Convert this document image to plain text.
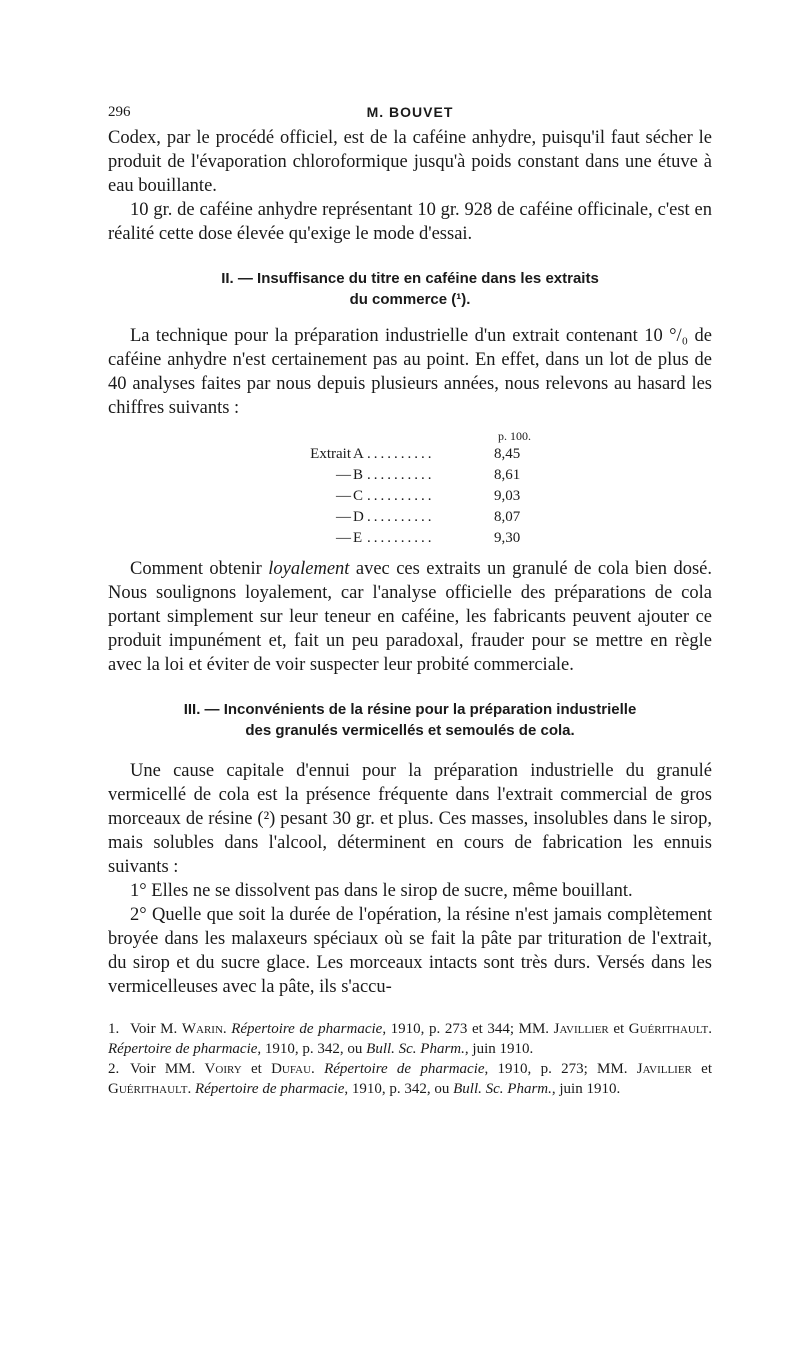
296	M. BOUVET

Codex, par le procédé officiel, est de la caféine anhydre, puisqu'il faut sécher le produit de l'évaporation chloroformique jusqu'à poids constant dans une étuve à eau bouillante.

10 gr. de caféine anhydre représentant 10 gr. 928 de caféine officinale, c'est en réalité cette dose élevée qu'exige le mode d'essai.

II. — Insuffisance du titre en caféine dans les extraits

du commerce (¹).

La technique pour la préparation industrielle d'un extrait contenant 10 °/₀ de caféine anhydre n'est certainement pas au point. En effet, dans un lot de plus de 40 analyses faites par nous depuis plusieurs années, nous relevons au hasard les chiffres suivants :

p. 100.
Extrait A ..........	8,45
— B ..........	8,61
— C ..........	9,03
— D ..........	8,07
— E ..........	9,30

Comment obtenir loyalement avec ces extraits un granulé de cola bien dosé. Nous soulignons loyalement, car l'analyse officielle des préparations de cola portant simplement sur leur teneur en caféine, les fabricants peuvent ajouter ce produit impunément et, fait un peu paradoxal, frauder pour se mettre en règle avec la loi et éviter de voir suspecter leur probité commerciale.

III. — Inconvénients de la résine pour la préparation industrielle

des granulés vermicellés et semoulés de cola.

Une cause capitale d'ennui pour la préparation industrielle du granulé vermicellé de cola est la présence fréquente dans l'extrait commercial de gros morceaux de résine (²) pesant 30 gr. et plus. Ces masses, insolubles dans le sirop, mais solubles dans l'alcool, déterminent en cours de fabrication les ennuis suivants :

1° Elles ne se dissolvent pas dans le sirop de sucre, même bouillant.

2° Quelle que soit la durée de l'opération, la résine n'est jamais complètement broyée dans les malaxeurs spéciaux où se fait la pâte par trituration de l'extrait, du sirop et du sucre glace. Les morceaux intacts sont très durs. Versés dans les vermicelleuses avec la pâte, ils s'accu-

1. Voir M. Warin. Répertoire de pharmacie, 1910, p. 273 et 344; MM. Javillier et Guérithault. Répertoire de pharmacie, 1910, p. 342, ou Bull. Sc. Pharm., juin 1910.

2. Voir MM. Voiry et Dufau. Répertoire de pharmacie, 1910, p. 273; MM. Javillier et Guérithault. Répertoire de pharmacie, 1910, p. 342, ou Bull. Sc. Pharm., juin 1910.
